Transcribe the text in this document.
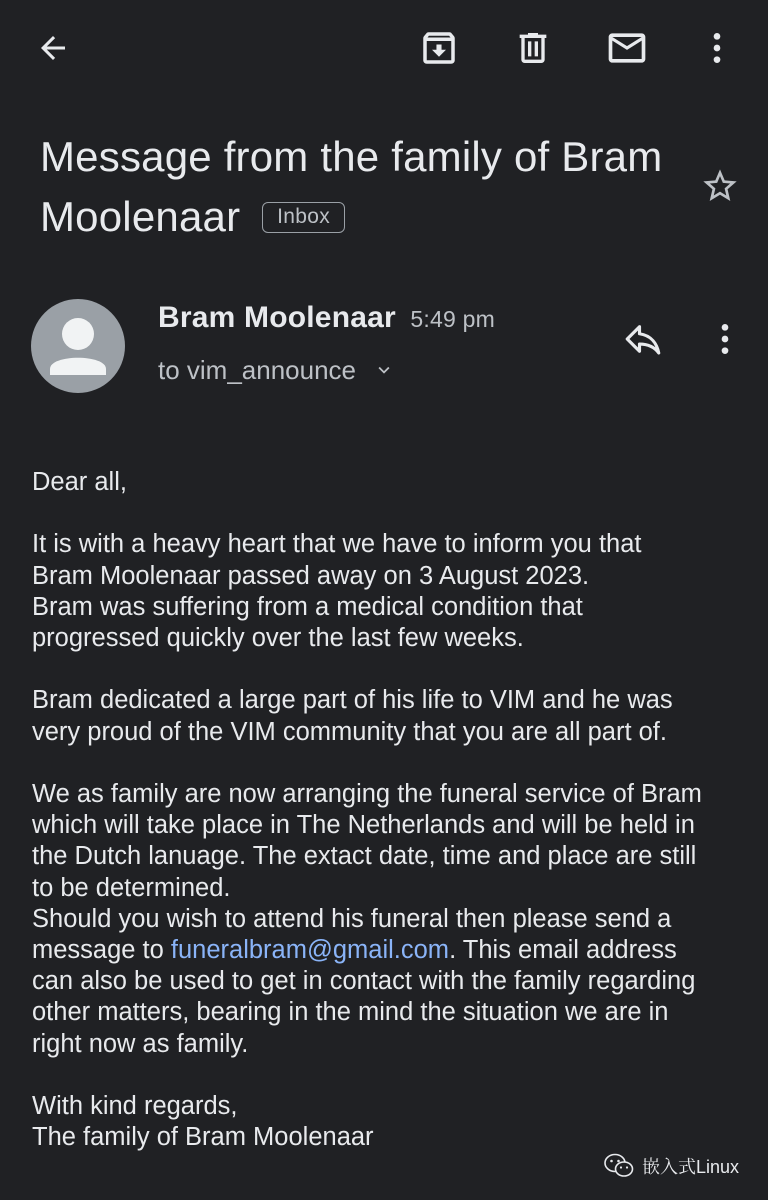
Message from the family of Bram Moolenaar Inbox
Bram Moolenaar 5:49 pm
to vim_announce

Dear all,

It is with a heavy heart that we have to inform you that
Bram Moolenaar passed away on 3 August 2023.
Bram was suffering from a medical condition that
progressed quickly over the last few weeks.

Bram dedicated a large part of his life to VIM and he was
very proud of the VIM community that you are all part of.

We as family are now arranging the funeral service of Bram
which will take place in The Netherlands and will be held in
the Dutch lanuage. The extact date, time and place are still
to be determined.
Should you wish to attend his funeral then please send a
message to funeralbram@gmail.com. This email address
can also be used to get in contact with the family regarding
other matters, bearing in the mind the situation we are in
right now as family.

With kind regards,
The family of Bram Moolenaar

嵌入式Linux
